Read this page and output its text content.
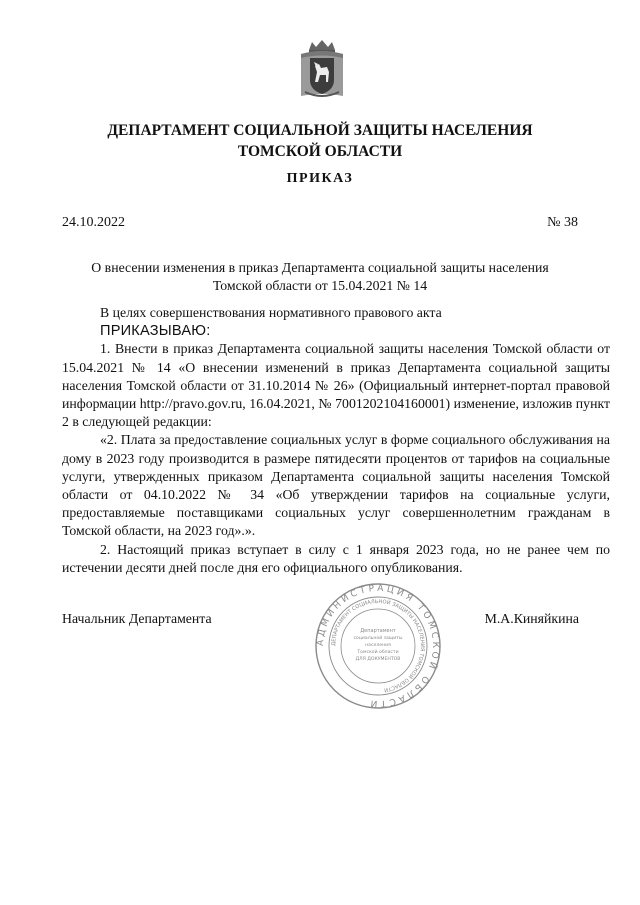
ДЕПАРТАМЕНТ СОЦИАЛЬНОЙ ЗАЩИТЫ НАСЕЛЕНИЯ
ТОМСКОЙ ОБЛАСТИ
ПРИКАЗ
24.10.2022	№ 38
О внесении изменения в приказ Департамента социальной защиты населения
Томской области от 15.04.2021 № 14

В целях совершенствования нормативного правового акта

ПРИКАЗЫВАЮ:

1. Внести в приказ Департамента социальной защиты населения Томской области от 15.04.2021 № 14 «О внесении изменений в приказ Департамента социальной защиты населения Томской области от 31.10.2014 № 26» (Официальный интернет-портал правовой информации http://pravo.gov.ru, 16.04.2021, № 7001202104160001) изменение, изложив пункт 2 в следующей редакции:

«2. Плата за предоставление социальных услуг в форме социального обслуживания на дому в 2023 году производится в размере пятидесяти процентов от тарифов на социальные услуги, утвержденных приказом Департамента социальной защиты населения Томской области от 04.10.2022 № 34 «Об утверждении тарифов на социальные услуги, предоставляемые поставщиками социальных услуг совершеннолетним гражданам в Томской области, на 2023 год».».

2. Настоящий приказ вступает в силу с 1 января 2023 года, но не ранее чем по истечении десяти дней после дня его официального опубликования.

Начальник Департамента	М.А.Киняйкина
АДМИНИСТРАЦИЯ ТОМСКОЙ ОБЛАСТИ
ДЕПАРТАМЕНТ СОЦИАЛЬНОЙ ЗАЩИТЫ НАСЕЛЕНИЯ ТОМСКОЙ ОБЛАСТИ
Департамент
социальной защиты
населения
Томской области
ДЛЯ ДОКУМЕНТОВ
